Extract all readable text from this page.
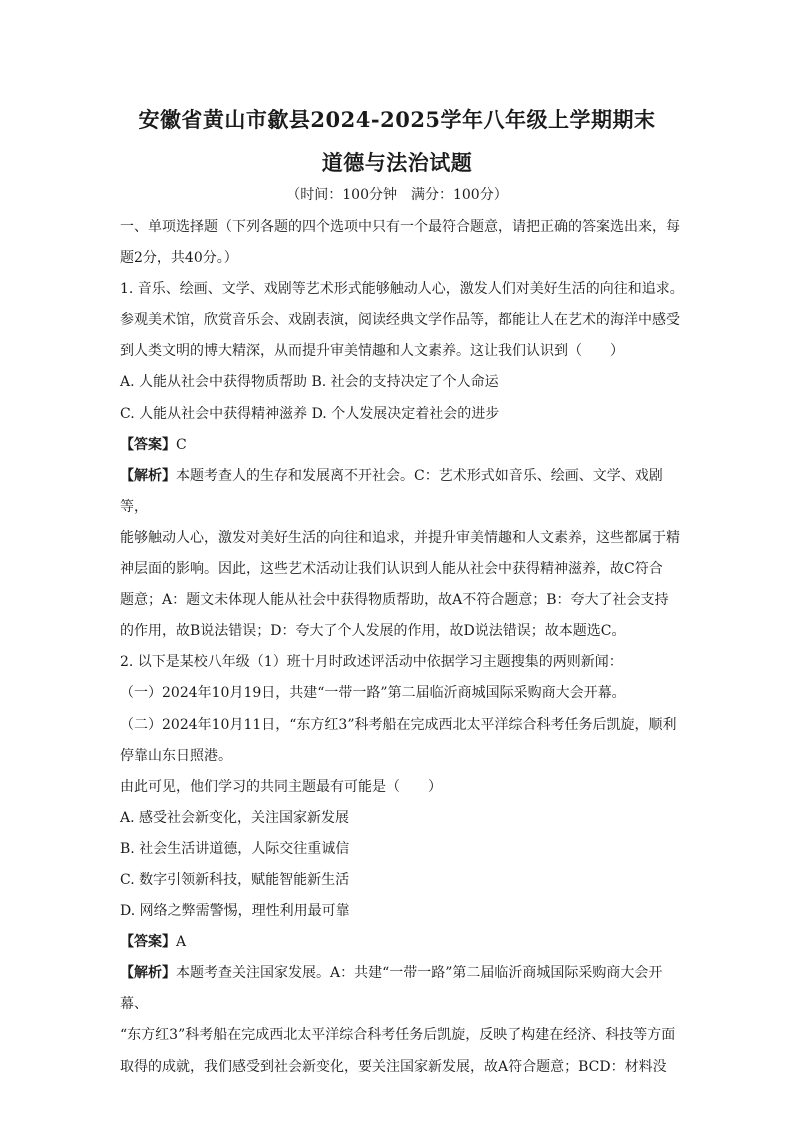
安徽省黄山市歙县2024-2025学年八年级上学期期末
道德与法治试题
（时间：100分钟　满分：100分）

一、单项选择题（下列各题的四个选项中只有一个最符合题意，请把正确的答案选出来，每

题2分，共40分。）

1. 音乐、绘画、文学、戏剧等艺术形式能够触动人心，激发人们对美好生活的向往和追求。

参观美术馆，欣赏音乐会、戏剧表演，阅读经典文学作品等，都能让人在艺术的海洋中感受

到人类文明的博大精深，从而提升审美情趣和人文素养。这让我们认识到（　　）

A. 人能从社会中获得物质帮助 B. 社会的支持决定了个人命运

C. 人能从社会中获得精神滋养 D. 个人发展决定着社会的进步

【答案】C

【解析】本题考查人的生存和发展离不开社会。C：艺术形式如音乐、绘画、文学、戏剧等，

能够触动人心，激发对美好生活的向往和追求，并提升审美情趣和人文素养，这些都属于精

神层面的影响。因此，这些艺术活动让我们认识到人能从社会中获得精神滋养，故C符合

题意；A：题文未体现人能从社会中获得物质帮助，故A不符合题意；B：夸大了社会支持

的作用，故B说法错误；D：夸大了个人发展的作用，故D说法错误；故本题选C。

2. 以下是某校八年级（1）班十月时政述评活动中依据学习主题搜集的两则新闻：

（一）2024年10月19日，共建“一带一路”第二届临沂商城国际采购商大会开幕。

（二）2024年10月11日，“东方红3”科考船在完成西北太平洋综合科考任务后凯旋，顺利

停靠山东日照港。

由此可见，他们学习的共同主题最有可能是（　　）

A. 感受社会新变化，关注国家新发展

B. 社会生活讲道德，人际交往重诚信

C. 数字引领新科技，赋能智能新生活

D. 网络之弊需警惕，理性利用最可靠

【答案】A

【解析】本题考查关注国家发展。A：共建“一带一路”第二届临沂商城国际采购商大会开幕、

“东方红3”科考船在完成西北太平洋综合科考任务后凯旋，反映了构建在经济、科技等方面

取得的成就，我们感受到社会新变化，要关注国家新发展，故A符合题意；BCD：材料没
